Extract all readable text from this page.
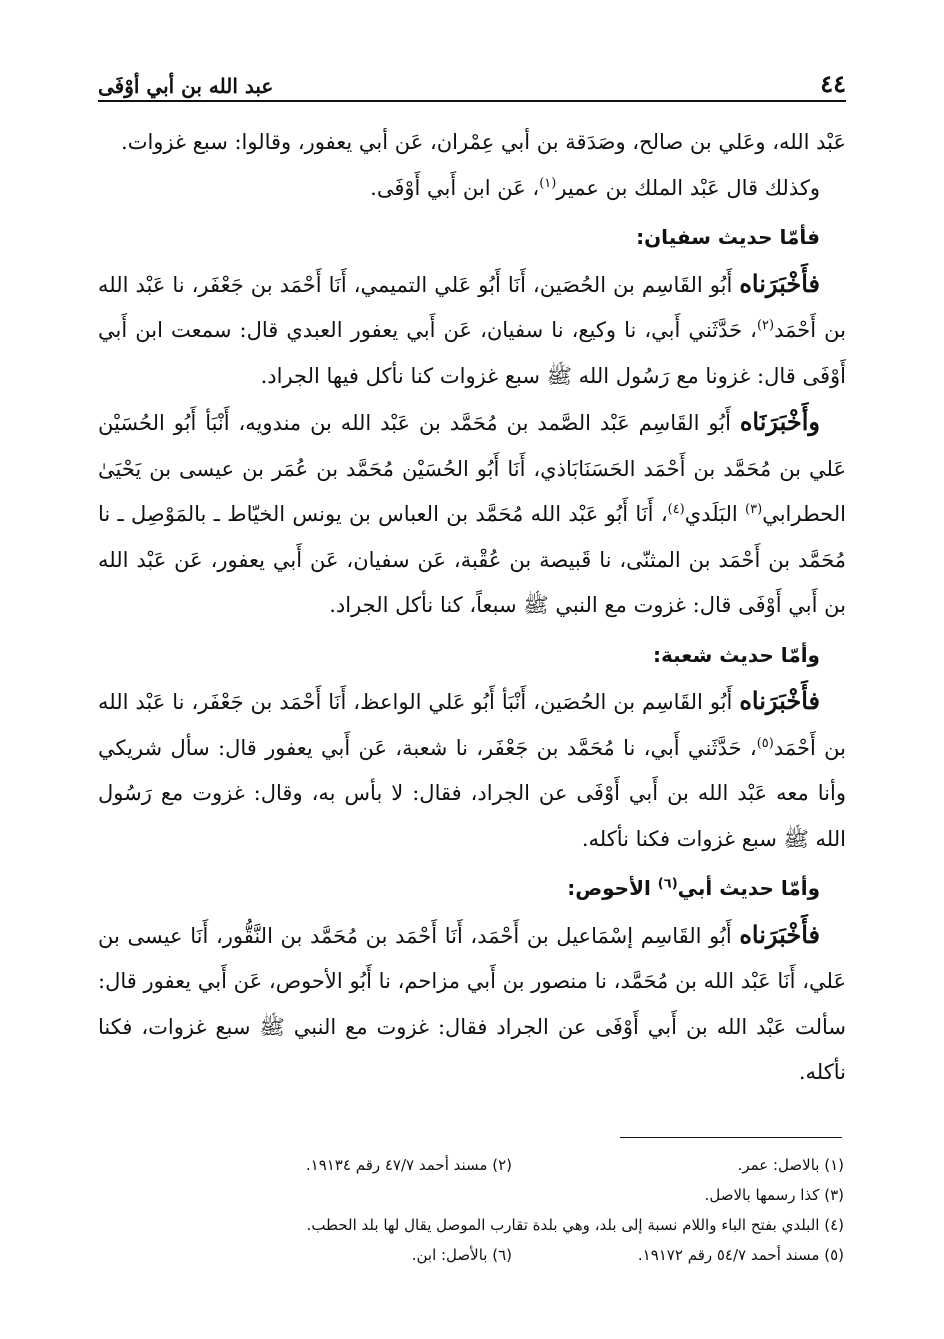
عبد الله بن أبي أوْفَى	٤٤

عَبْد الله، وعَلي بن صالح، وصَدَقة بن أبي عِمْران، عَن أبي يعفور، وقالوا: سبع غزوات.

وكذلك قال عَبْد الملك بن عمير$^{(١)}$، عَن ابن أَبي أَوْفَى.

فأمّا حديث سفيان:

فأَخْبَرَناه أَبُو القَاسِم بن الحُصَين، أَنَا أَبُو عَلي التميمي، أَنَا أَحْمَد بن جَعْفَر، نا عَبْد الله بن أَحْمَد$^{(٢)}$، حَدَّثَني أَبي، نا وكيع، نا سفيان، عَن أَبي يعفور العبدي قال: سمعت ابن أَبي أَوْفَى قال: غزونا مع رَسُول الله ﷺ سبع غزوات كنا نأكل فيها الجراد.

وأَخْبَرَنَاه أَبُو القَاسِم عَبْد الصَّمد بن مُحَمَّد بن عَبْد الله بن مندويه، أَنْبَأ أَبُو الحُسَيْن عَلي بن مُحَمَّد بن أَحْمَد الحَسَنَابَاذي، أَنَا أَبُو الحُسَيْن مُحَمَّد بن عُمَر بن عيسى بن يَحْيَىٰ الحطرابي$^{(٣)}$ البَلَدي$^{(٤)}$، أَنَا أَبُو عَبْد الله مُحَمَّد بن العباس بن يونس الخيّاط ـ بالمَوْصِل ـ نا مُحَمَّد بن أَحْمَد بن المثنّى، نا قَبيصة بن عُقْبة، عَن سفيان، عَن أَبي يعفور، عَن عَبْد الله بن أَبي أَوْفَى قال: غزوت مع النبي ﷺ سبعاً، كنا نأكل الجراد.

وأمّا حديث شعبة:

فأَخْبَرَناه أَبُو القَاسِم بن الحُصَين، أَنْبَأ أَبُو عَلي الواعظ، أَنَا أَحْمَد بن جَعْفَر، نا عَبْد الله بن أَحْمَد$^{(٥)}$، حَدَّثَني أَبي، نا مُحَمَّد بن جَعْفَر، نا شعبة، عَن أَبي يعفور قال: سأل شريكي وأنا معه عَبْد الله بن أَبي أَوْفَى عن الجراد، فقال: لا بأس به، وقال: غزوت مع رَسُول الله ﷺ سبع غزوات فكنا نأكله.

وأمّا حديث أبي$^{(٦)}$ الأحوص:

فأَخْبَرَناه أَبُو القَاسِم إسْمَاعيل بن أَحْمَد، أَنَا أَحْمَد بن مُحَمَّد بن النَّقُّور، أَنَا عيسى بن عَلي، أَنَا عَبْد الله بن مُحَمَّد، نا منصور بن أَبي مزاحم، نا أَبُو الأحوص، عَن أَبي يعفور قال: سألت عَبْد الله بن أَبي أَوْفَى عن الجراد فقال: غزوت مع النبي ﷺ سبع غزوات، فكنا نأكله.

(١) بالاصل: عمر.
(٢) مسند أحمد ٤٧/٧ رقم ١٩١٣٤.
(٣) كذا رسمها بالاصل.
(٤) البلدي بفتح الباء واللام نسبة إلى بلد، وهي بلدة تقارب الموصل يقال لها بلد الحطب.
(٥) مسند أحمد ٥٤/٧ رقم ١٩١٧٢.
(٦) بالأصل: ابن.
